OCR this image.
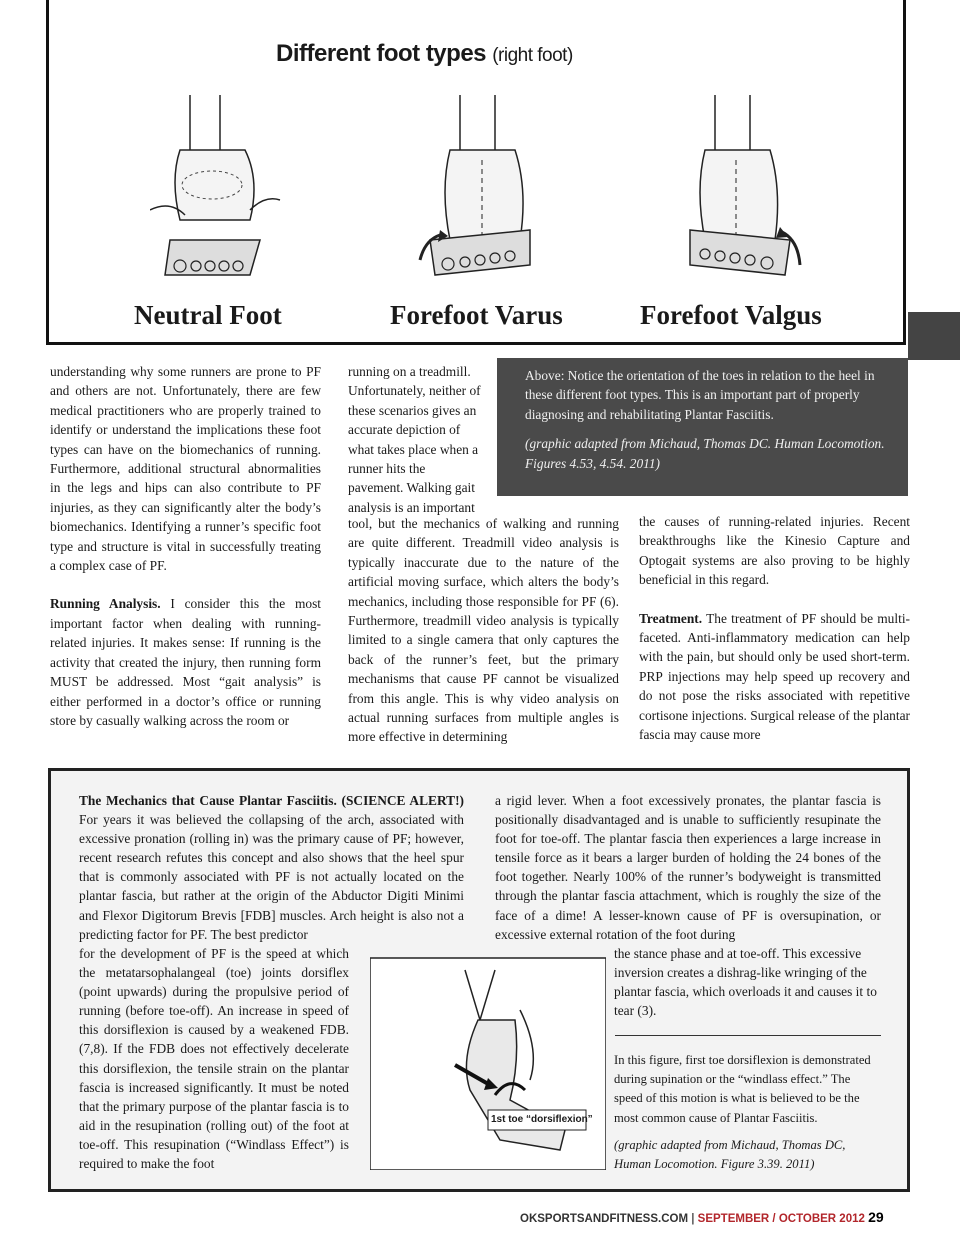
Different foot types (right foot)
Neutral Foot	Forefoot Varus	Forefoot Valgus

Above: Notice the orientation of the toes in relation to the heel in these different foot types. This is an important part of properly diagnosing and rehabilitating Plantar Fasciitis.

(graphic adapted from Michaud, Thomas DC. Human Locomotion. Figures 4.53, 4.54. 2011)

understanding why some runners are prone to PF and others are not. Unfortunately, there are few medical practitioners who are properly trained to identify or understand the implications these foot types can have on the biomechanics of running. Furthermore, additional structural abnormalities in the legs and hips can also contribute to PF injuries, as they can significantly alter the body’s biomechanics. Identifying a runner’s specific foot type and structure is vital in successfully treating a complex case of PF.

Running Analysis. I consider this the most important factor when dealing with running-related injuries. It makes sense: If running is the activity that created the injury, then running form MUST be addressed. Most “gait analysis” is either performed in a doctor’s office or running store by casually walking across the room or

running on a treadmill. Unfortunately, neither of these scenarios gives an accurate depiction of what takes place when a runner hits the pavement. Walking gait analysis is an important

tool, but the mechanics of walking and running are quite different. Treadmill video analysis is typically inaccurate due to the nature of the artificial moving surface, which alters the body’s mechanics, including those responsible for PF (6). Furthermore, treadmill video analysis is typically limited to a single camera that only captures the back of the runner’s feet, but the primary mechanisms that cause PF cannot be visualized from this angle. This is why video analysis on actual running surfaces from multiple angles is more effective in determining

the causes of running-related injuries. Recent breakthroughs like the Kinesio Capture and Optogait systems are also proving to be highly beneficial in this regard.

Treatment. The treatment of PF should be multi-faceted. Anti-inflammatory medication can help with the pain, but should only be used short-term. PRP injections may help speed up recovery and do not pose the risks associated with repetitive cortisone injections. Surgical release of the plantar fascia may cause more

The Mechanics that Cause Plantar Fasciitis. (SCIENCE ALERT!) For years it was believed the collapsing of the arch, associated with excessive pronation (rolling in) was the primary cause of PF; however, recent research refutes this concept and also shows that the heel spur that is commonly associated with PF is not actually located on the plantar fascia, but rather at the origin of the Abductor Digiti Minimi and Flexor Digitorum Brevis [FDB] muscles. Arch height is also not a predicting factor for PF. The best predictor

for the development of PF is the speed at which the metatarsophalangeal (toe) joints dorsiflex (point upwards) during the propulsive period of running (before toe-off). An increase in speed of this dorsiflexion is caused by a weakened FDB. (7,8). If the FDB does not effectively decelerate this dorsiflexion, the tensile strain on the plantar fascia is increased significantly. It must be noted that the primary purpose of the plantar fascia is to aid in the resupination (rolling out) of the foot at toe-off. This resupination (“Windlass Effect”) is required to make the foot

1st toe “dorsiflexion”

a rigid lever. When a foot excessively pronates, the plantar fascia is positionally disadvantaged and is unable to sufficiently resupinate the foot for toe-off. The plantar fascia then experiences a large increase in tensile force as it bears a larger burden of holding the 24 bones of the foot together. Nearly 100% of the runner’s bodyweight is transmitted through the plantar fascia attachment, which is roughly the size of the face of a dime! A lesser-known cause of PF is oversupination, or excessive external rotation of the foot during

the stance phase and at toe-off. This excessive inversion creates a dishrag-like wringing of the plantar fascia, which overloads it and causes it to tear (3).

In this figure, first toe dorsiflexion is demonstrated during supination or the “windlass effect.” The speed of this motion is what is believed to be the most common cause of Plantar Fasciitis.

(graphic adapted from Michaud, Thomas DC, Human Locomotion. Figure 3.39. 2011)

OKSPORTSANDFITNESS.COM | SEPTEMBER / OCTOBER 2012 29
